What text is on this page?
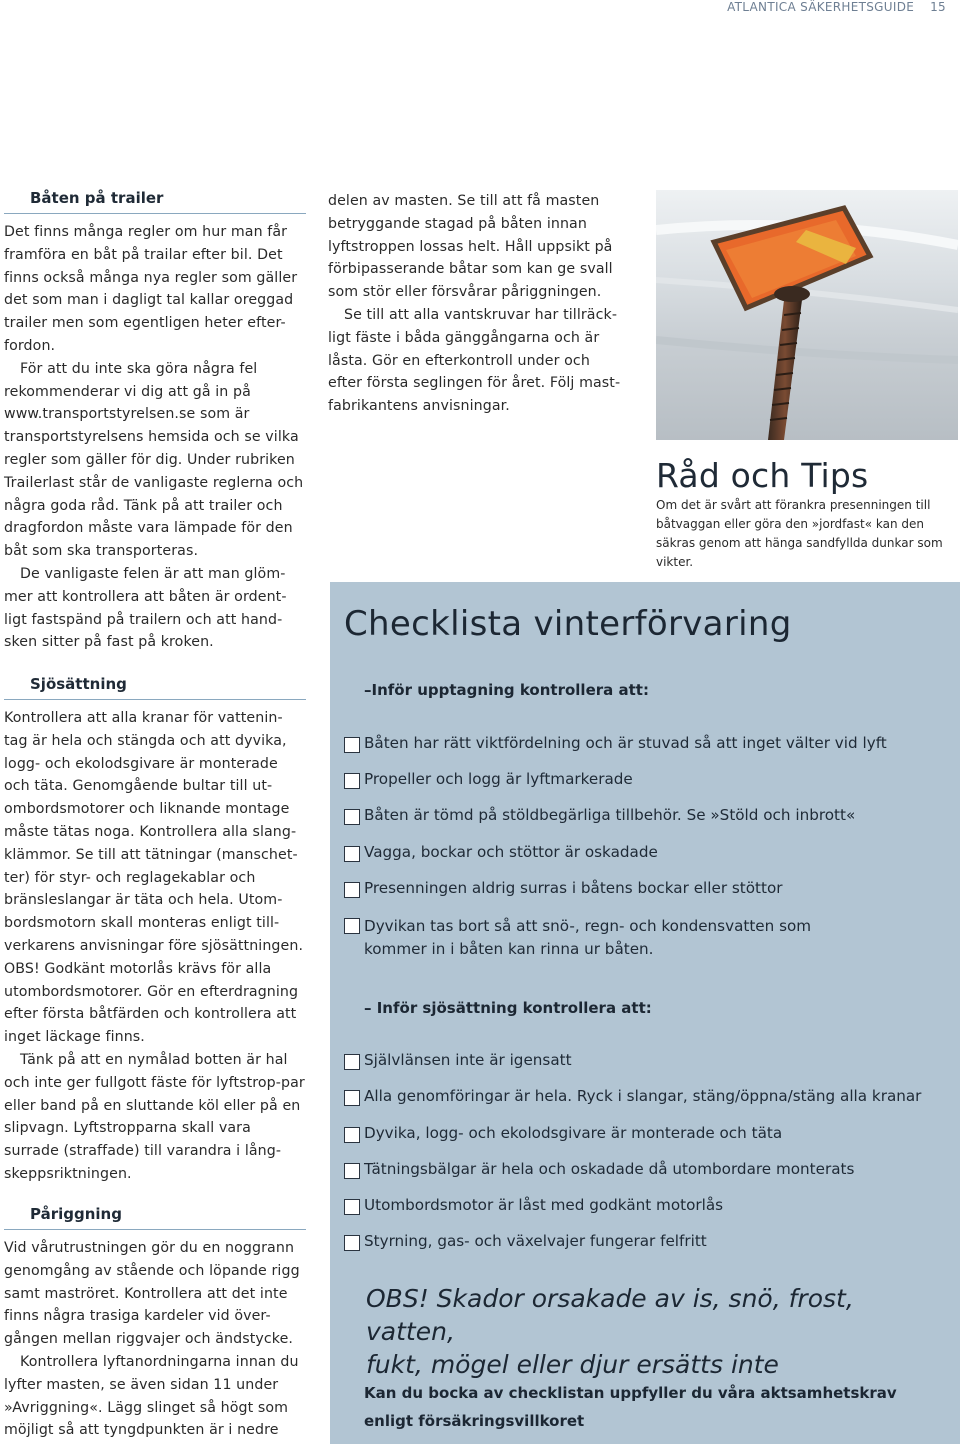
ATLANTICA SÄKERHETSGUIDE 15
Båten på trailer

Det finns många regler om hur man får framföra en båt på trailar efter bil. Det finns också många nya regler som gäller det som man i dagligt tal kallar oreggad trailer men som egentligen heter efter-fordon.

För att du inte ska göra några fel rekommenderar vi dig att gå in på www.transportstyrelsen.se som är transportstyrelsens hemsida och se vilka regler som gäller för dig. Under rubriken Trailerlast står de vanligaste reglerna och några goda råd. Tänk på att trailer och dragfordon måste vara lämpade för den båt som ska transporteras.

De vanligaste felen är att man glöm-mer att kontrollera att båten är ordent-ligt fastspänd på trailern och att hand-sken sitter på fast på kroken.

Sjösättning

Kontrollera att alla kranar för vattenin-tag är hela och stängda och att dyvika, logg- och ekolodsgivare är monterade och täta. Genomgående bultar till ut-ombordsmotorer och liknande montage måste tätas noga. Kontrollera alla slang-klämmor. Se till att tätningar (manschet-ter) för styr- och reglagekablar och bränsleslangar är täta och hela. Utom-bordsmotorn skall monteras enligt till-verkarens anvisningar före sjösättningen. OBS! Godkänt motorlås krävs för alla utombordsmotorer. Gör en efterdragning efter första båtfärden och kontrollera att inget läckage finns.

Tänk på att en nymålad botten är hal och inte ger fullgott fäste för lyftstrop-par eller band på en sluttande köl eller på en slipvagn. Lyftstropparna skall vara surrade (straffade) till varandra i lång-skeppsriktningen.

Påriggning

Vid vårutrustningen gör du en noggrann genomgång av stående och löpande rigg samt maströret. Kontrollera att det inte finns några trasiga kardeler vid över-gången mellan riggvajer och ändstycke.

Kontrollera lyftanordningarna innan du lyfter masten, se även sidan 11 under »Avriggning«. Lägg slinget så högt som möjligt så att tyngdpunkten är i nedre

delen av masten. Se till att få masten betryggande stagad på båten innan lyftstroppen lossas helt. Håll uppsikt på förbipasserande båtar som kan ge svall som stör eller försvårar påriggningen.

Se till att alla vantskruvar har tillräck-ligt fäste i båda gänggångarna och är låsta. Gör en efterkontroll under och efter första seglingen för året. Följ mast-fabrikantens anvisningar.

Råd och Tips
Om det är svårt att förankra presenningen till båtvaggan eller göra den »jordfast« kan den säkras genom att hänga sandfyllda dunkar som vikter.
Checklista vinterförvaring
–Inför upptagning kontrollera att:
Båten har rätt viktfördelning och är stuvad så att inget välter vid lyft
Propeller och logg är lyftmarkerade
Båten är tömd på stöldbegärliga tillbehör. Se »Stöld och inbrott«
Vagga, bockar och stöttor är oskadade
Presenningen aldrig surras i båtens bockar eller stöttor
Dyvikan tas bort så att snö-, regn- och kondensvatten som kommer in i båten kan rinna ur båten.
– Inför sjösättning kontrollera att:
Självlänsen inte är igensatt
Alla genomföringar är hela. Ryck i slangar, stäng/öppna/stäng alla kranar
Dyvika, logg- och ekolodsgivare är monterade och täta
Tätningsbälgar är hela och oskadade då utombordare monterats
Utombordsmotor är låst med godkänt motorlås
Styrning, gas- och växelvajer fungerar felfritt
OBS! Skador orsakade av is, snö, frost, vatten,
fukt, mögel eller djur ersätts inte
Kan du bocka av checklistan uppfyller du våra aktsamhetskrav
enligt försäkringsvillkoret
